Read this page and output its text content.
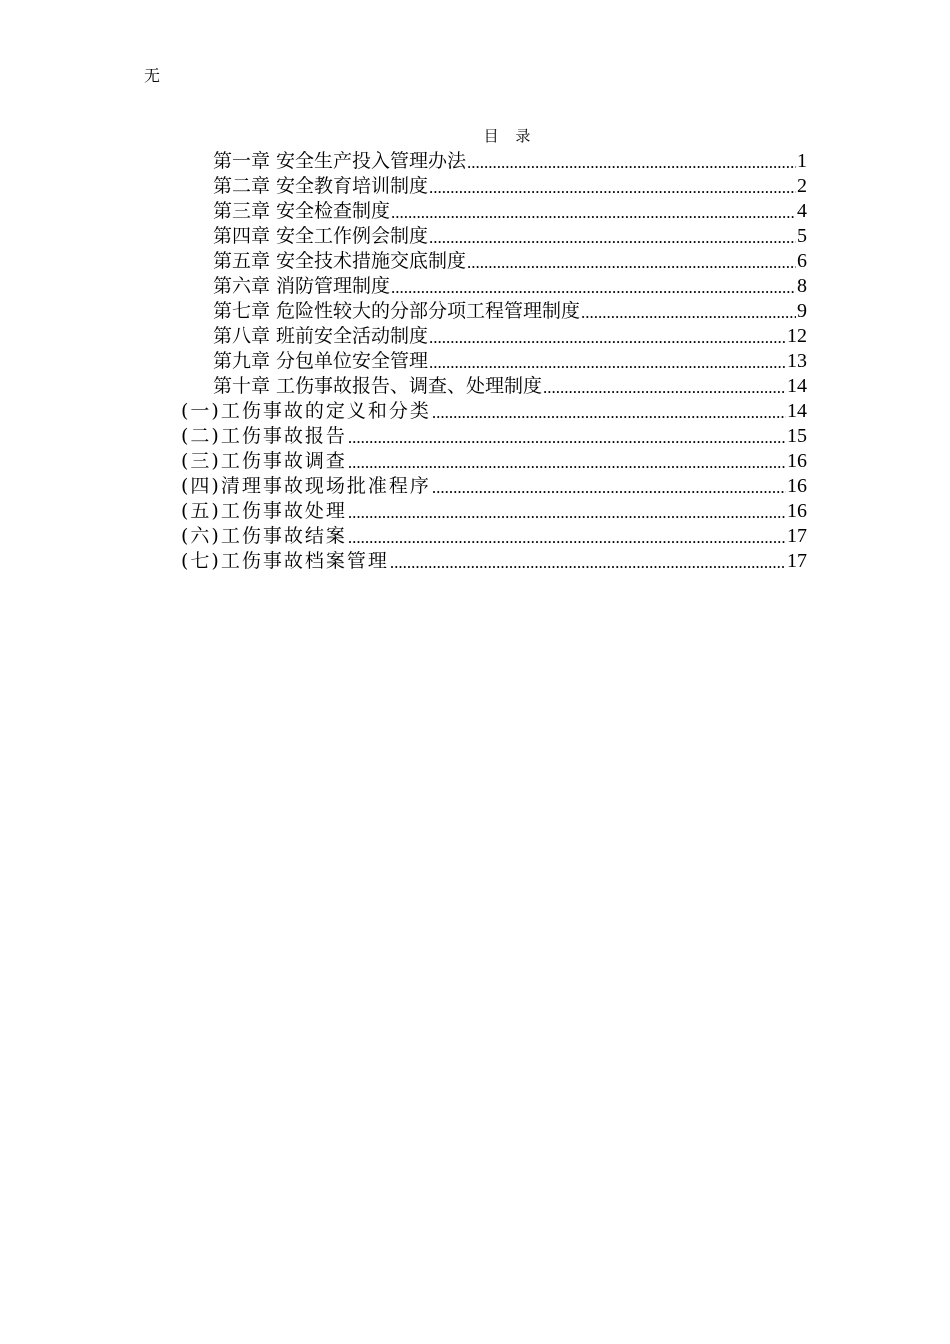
无
目 录
第一章 安全生产投入管理办法 .....	1
第二章 安全教育培训制度 .....	2
第三章 安全检查制度 .....	4
第四章 安全工作例会制度 .....	5
第五章 安全技术措施交底制度 .....	6
第六章 消防管理制度 .....	8
第七章 危险性较大的分部分项工程管理制度 .....	9
第八章 班前安全活动制度 .....	12
第九章 分包单位安全管理 .....	13
第十章 工伤事故报告、调查、处理制度 .....	14
(一)工伤事故的定义和分类 .....	14
(二)工伤事故报告 .....	15
(三)工伤事故调查 .....	16
(四)清理事故现场批准程序 .....	16
(五)工伤事故处理 .....	16
(六)工伤事故结案 .....	17
(七)工伤事故档案管理 .....	17
